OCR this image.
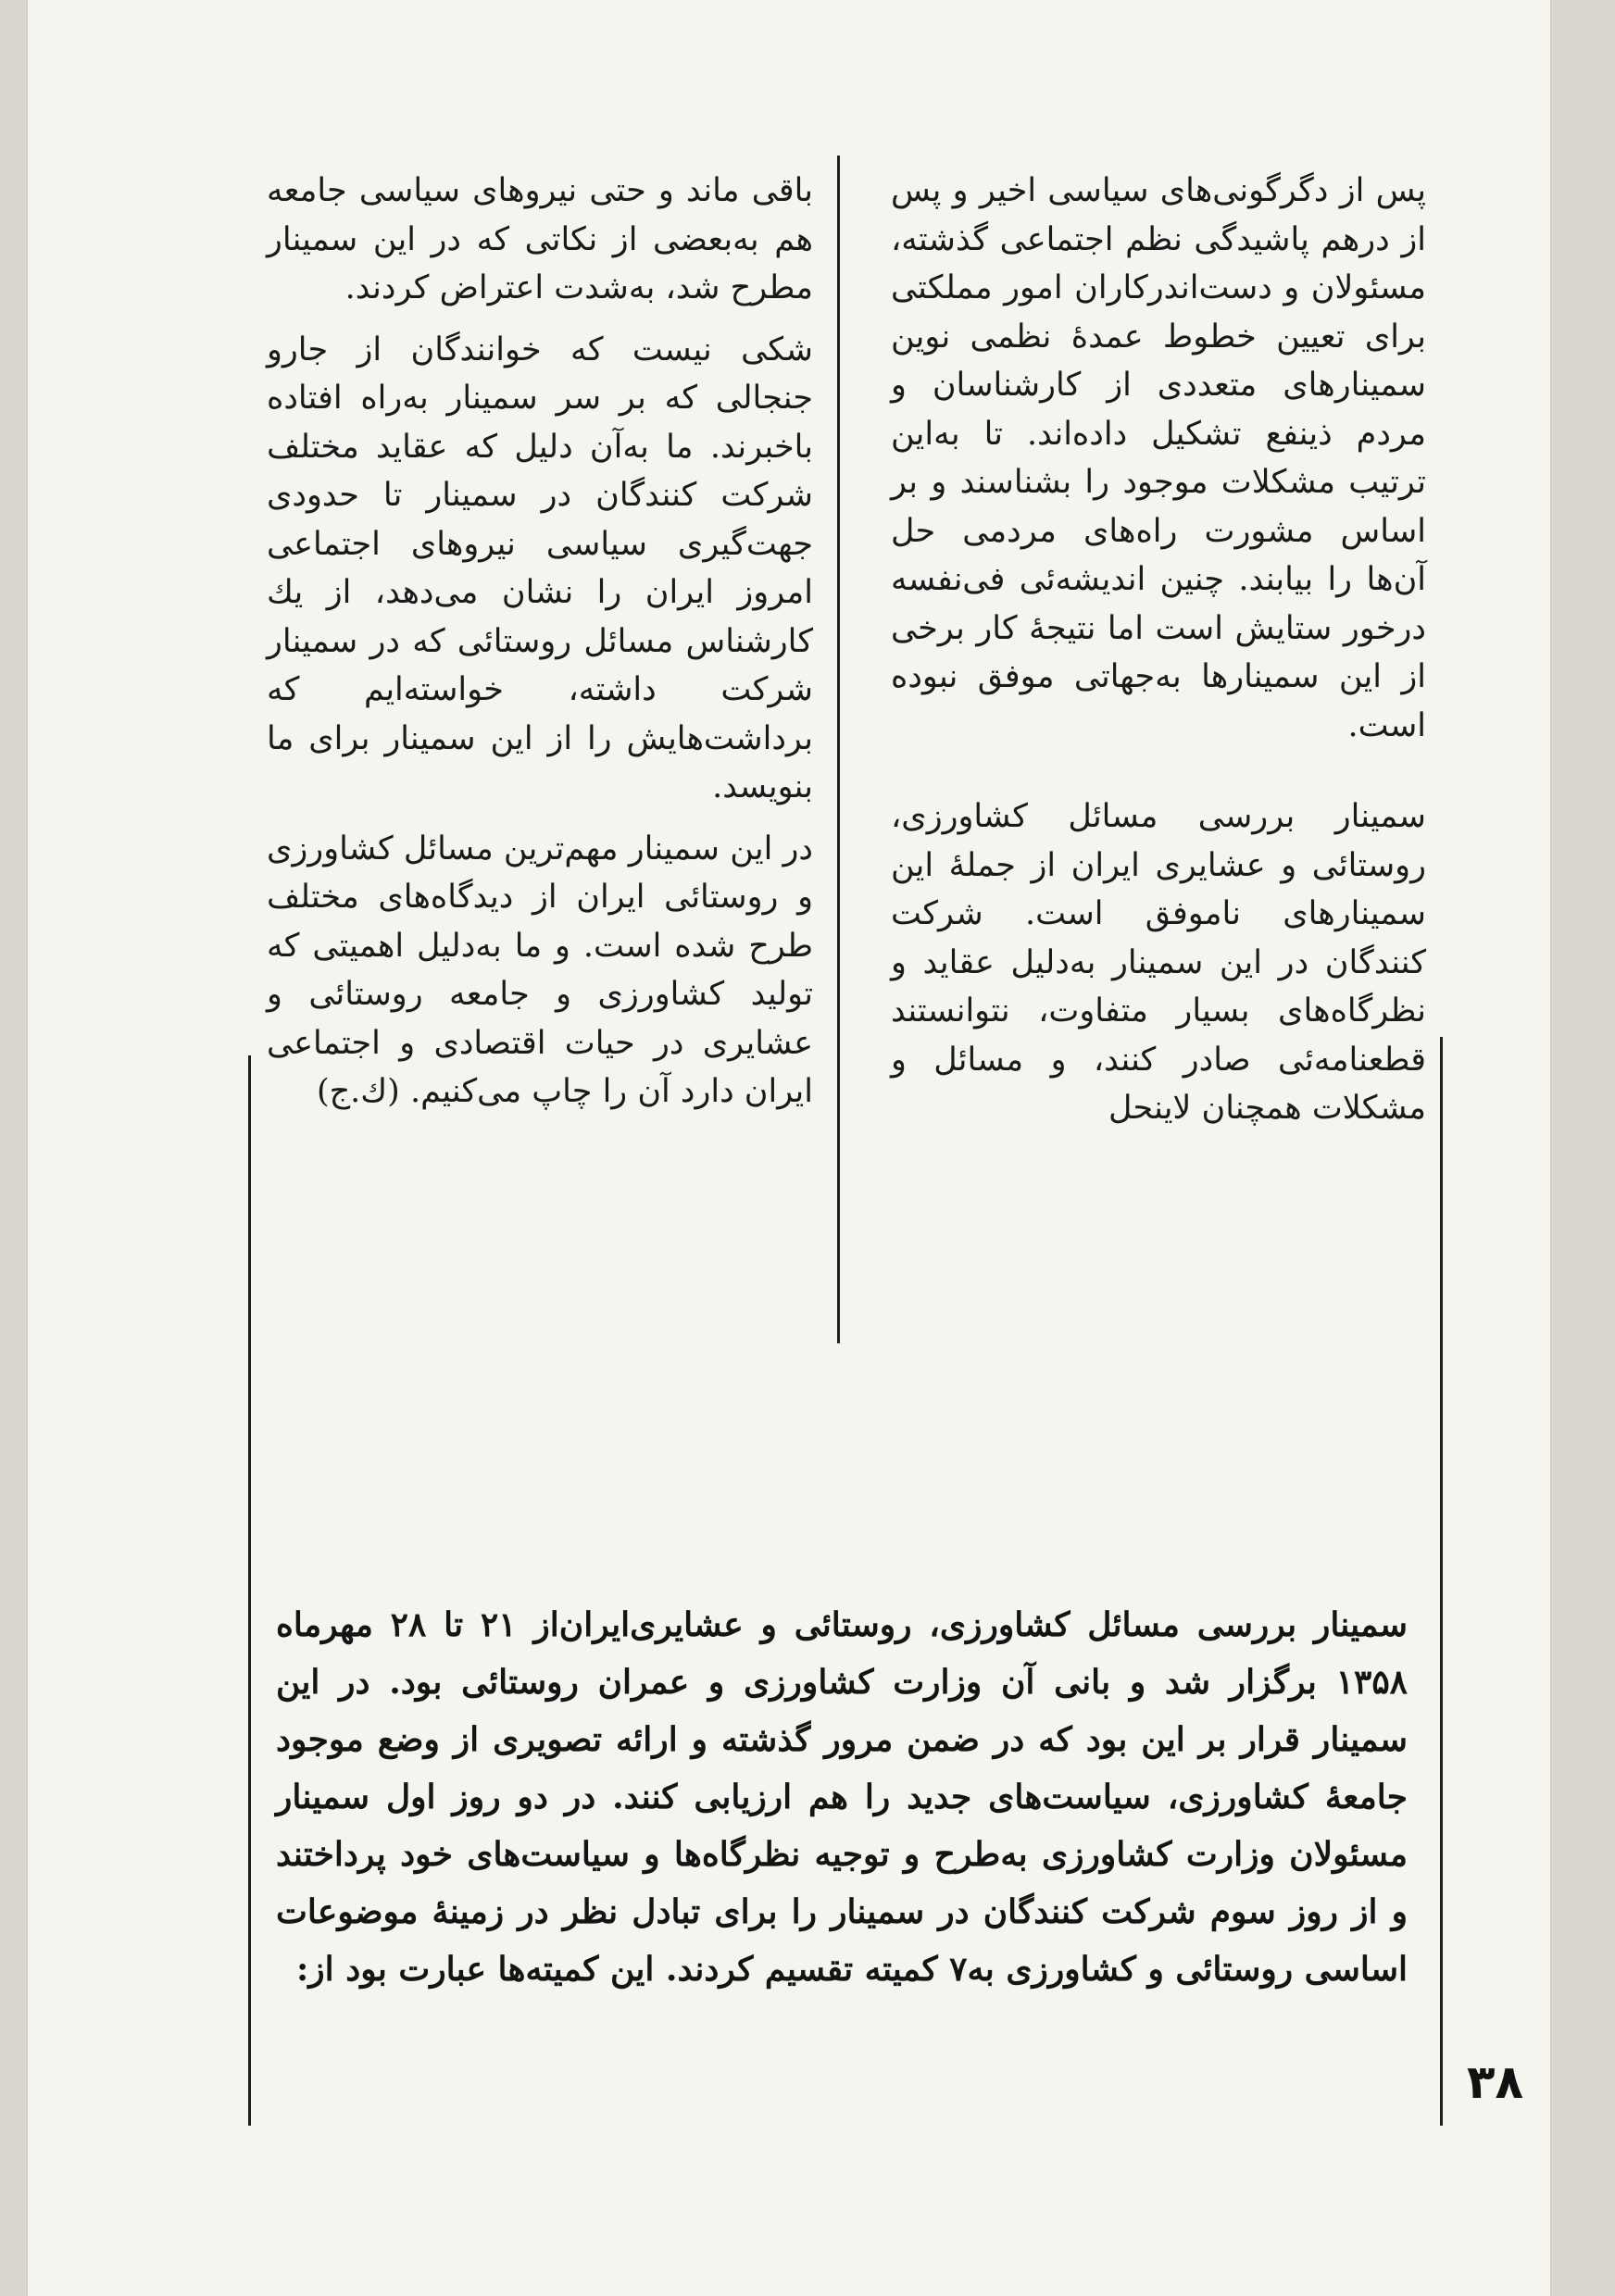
پس از دگرگونی‌های سیاسی اخیر و پس از درهم پاشیدگی نظم اجتماعی گذشته، مسئولان و دست‌اندرکاران امور مملکتی برای تعیین خطوط عمدهٔ نظمی نوین سمینارهای متعددی از کارشناسان و مردم ذینفع تشکیل داده‌اند. تا به‌این ترتیب مشکلات موجود را بشناسند و بر اساس مشورت راه‌های مردمی حل آن‌ها را بیابند. چنین اندیشه‌ئی فی‌نفسه درخور ستایش است اما نتیجهٔ کار برخی از این سمینارها به‌جهاتی موفق نبوده است.

سمینار بررسی مسائل کشاورزی، روستائی و عشایری ایران از جملهٔ این سمینارهای ناموفق است. شرکت کنندگان در این سمینار به‌دلیل عقاید و نظرگاه‌های بسیار متفاوت، نتوانستند قطعنامه‌ئی صادر کنند، و مسائل و مشکلات همچنان لاینحل

باقی ماند و حتی نیروهای سیاسی جامعه هم به‌بعضی از نکاتی که در این سمینار مطرح شد، به‌شدت اعتراض کردند.

شکی نیست که خوانندگان از جارو جنجالی که بر سر سمینار به‌راه افتاده باخبرند. ما به‌آن دلیل که عقاید مختلف شرکت کنندگان در سمینار تا حدودی جهت‌گیری سیاسی نیروهای اجتماعی امروز ایران را نشان می‌دهد، از یك کارشناس مسائل روستائی که در سمینار شرکت داشته، خواسته‌ایم که برداشت‌هایش را از این سمینار برای ما بنویسد.

در این سمینار مهم‌ترین مسائل کشاورزی و روستائی ایران از دیدگاه‌های مختلف طرح شده است. و ما به‌دلیل اهمیتی که تولید کشاورزی و جامعه روستائی و عشایری در حیات اقتصادی و اجتماعی ایران دارد آن را چاپ می‌کنیم. (ك.ج)

سمینار بررسی مسائل کشاورزی، روستائی و عشایری‌ایران‌از ۲۱ تا ۲۸ مهرماه ۱۳۵۸ برگزار شد و بانی آن وزارت کشاورزی و عمران روستائی بود. در این سمینار قرار بر این بود که در ضمن مرور گذشته و ارائه تصویری از وضع موجود جامعهٔ کشاورزی، سیاست‌های جدید را هم ارزیابی کنند. در دو روز اول سمینار مسئولان وزارت کشاورزی به‌طرح و توجیه نظرگاه‌ها و سیاست‌های خود پرداختند و از روز سوم شرکت کنندگان در سمینار را برای تبادل نظر در زمینهٔ موضوعات اساسی روستائی و کشاورزی به۷ کمیته تقسیم کردند. این کمیته‌ها عبارت بود از:

۳۸
